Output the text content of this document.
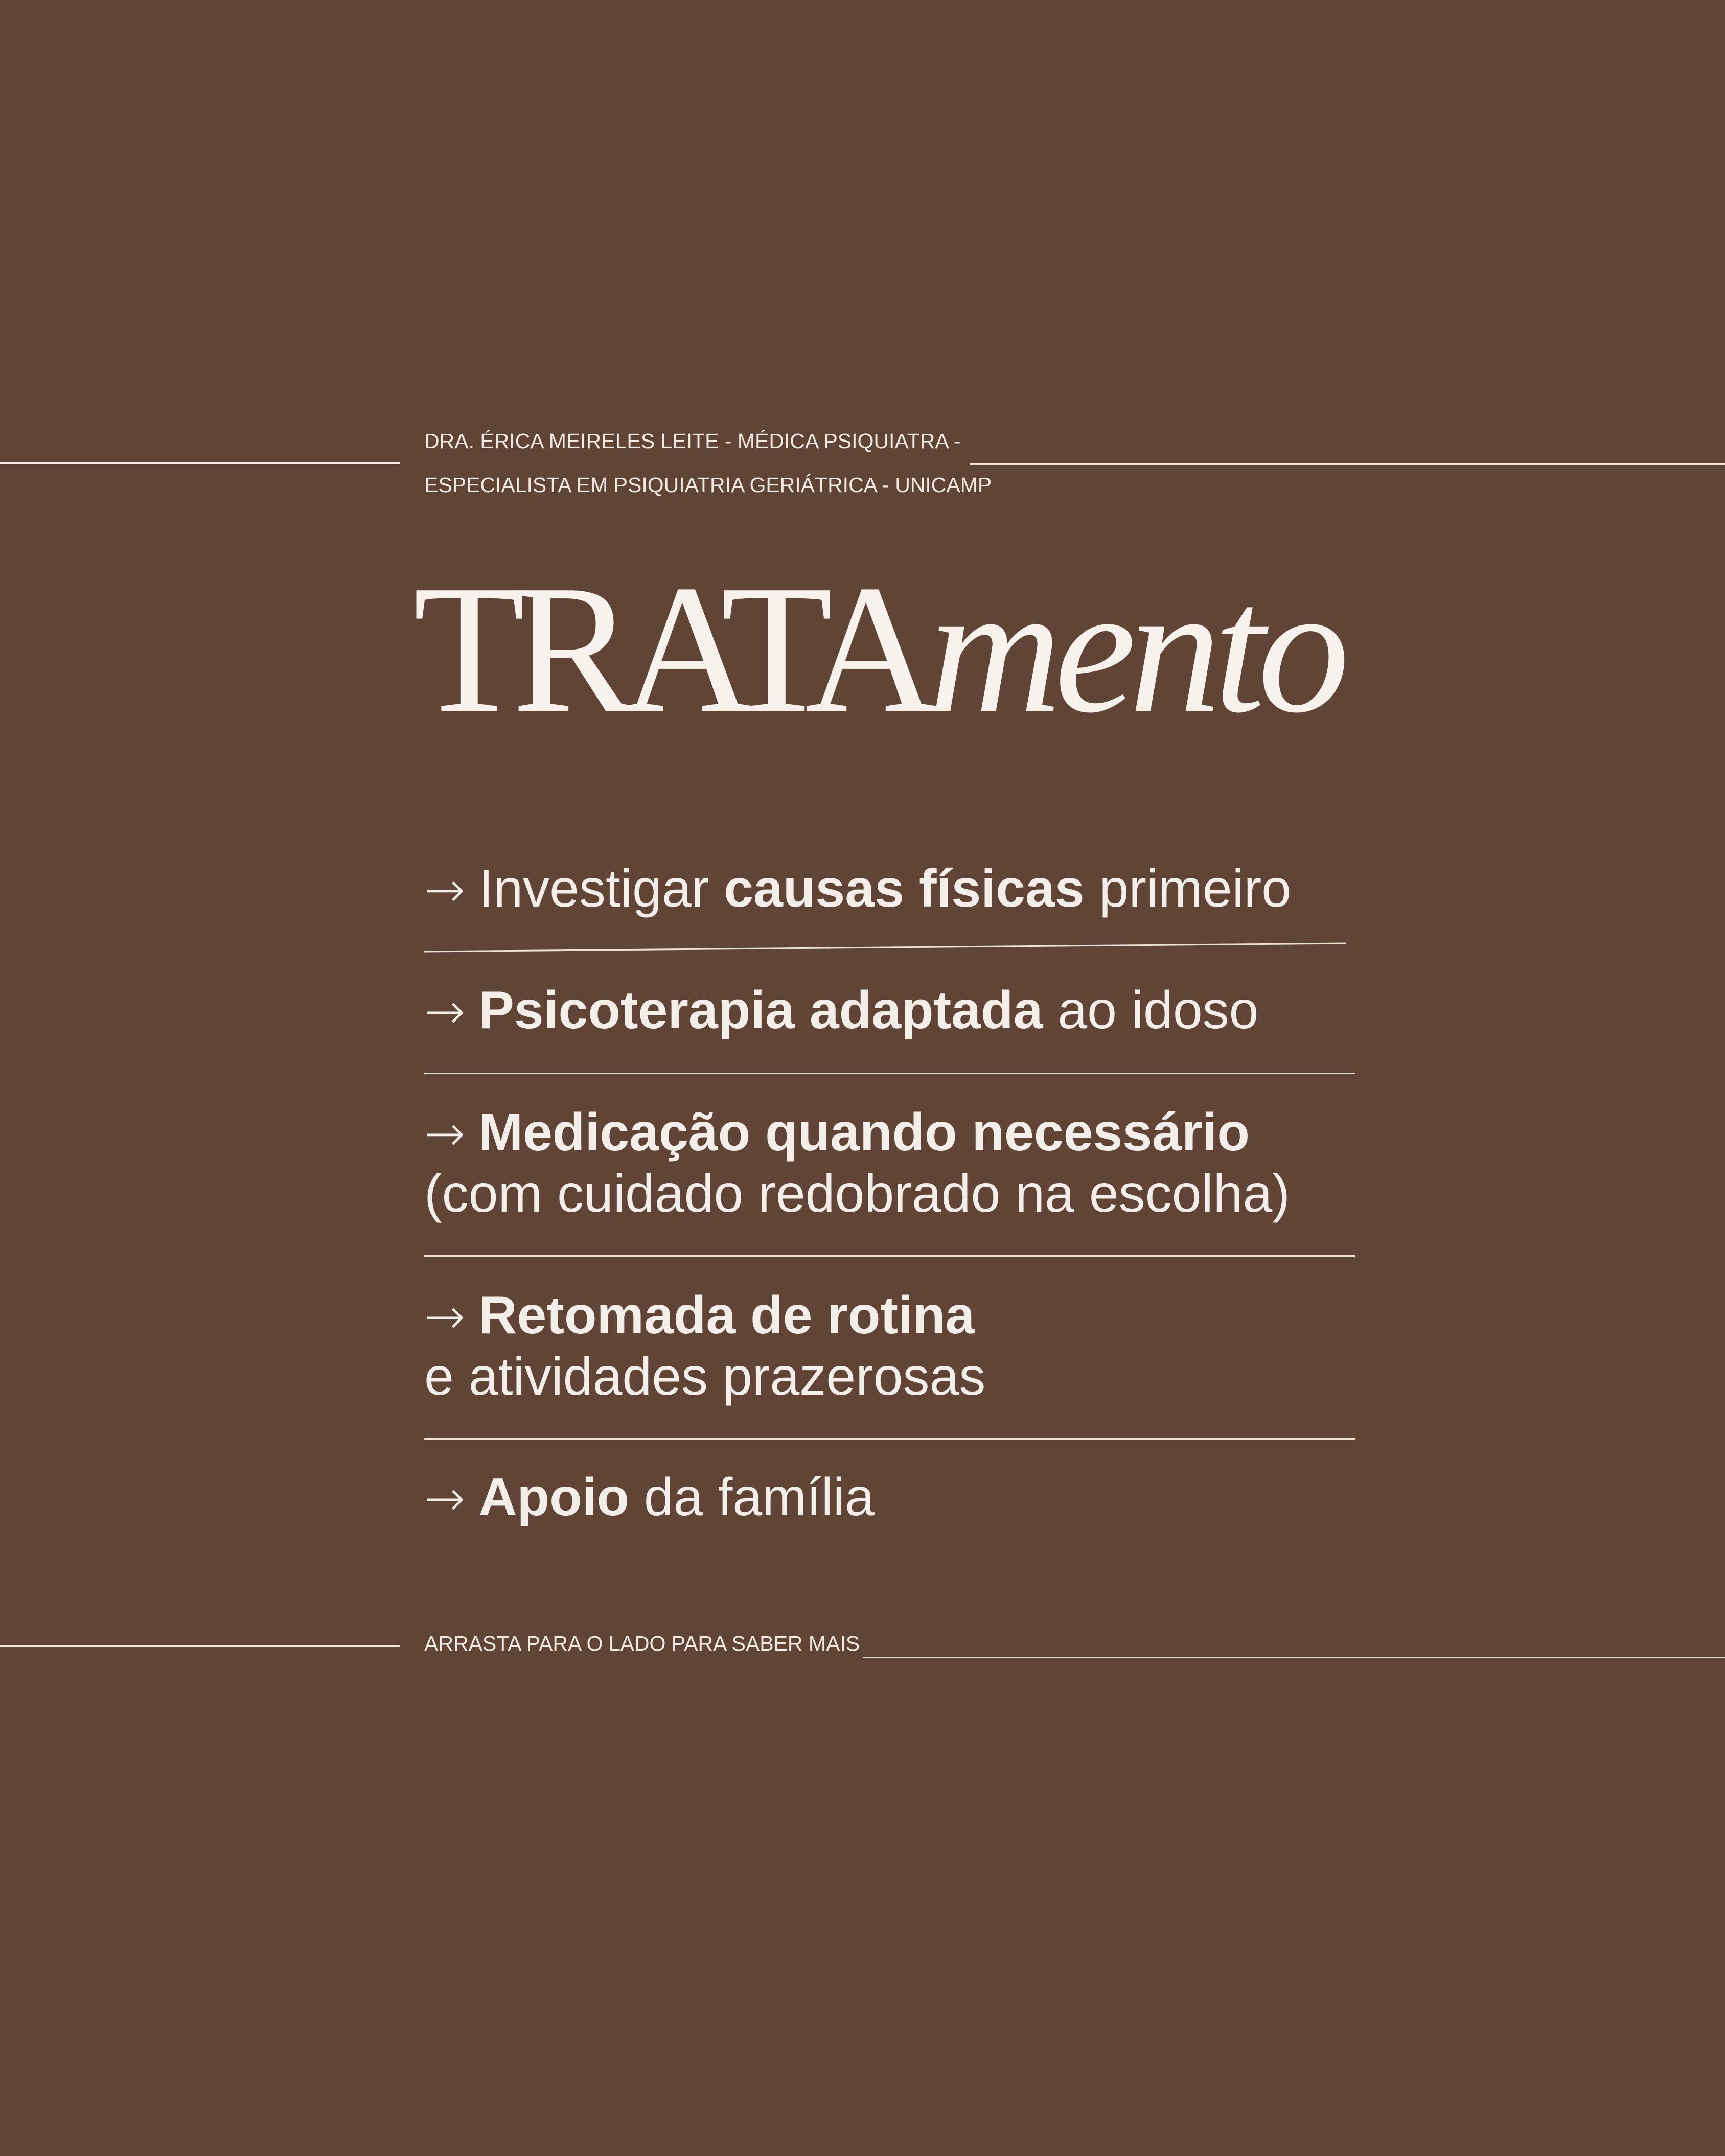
DRA. ÉRICA MEIRELES LEITE - MÉDICA PSIQUIATRA -
ESPECIALISTA EM PSIQUIATRIA GERIÁTRICA - UNICAMP
TRATAmento
→ Investigar causas físicas primeiro
→ Psicoterapia adaptada ao idoso
→ Medicação quando necessário
(com cuidado redobrado na escolha)
→ Retomada de rotina
e atividades prazerosas
→ Apoio da família
ARRASTA PARA O LADO PARA SABER MAIS
